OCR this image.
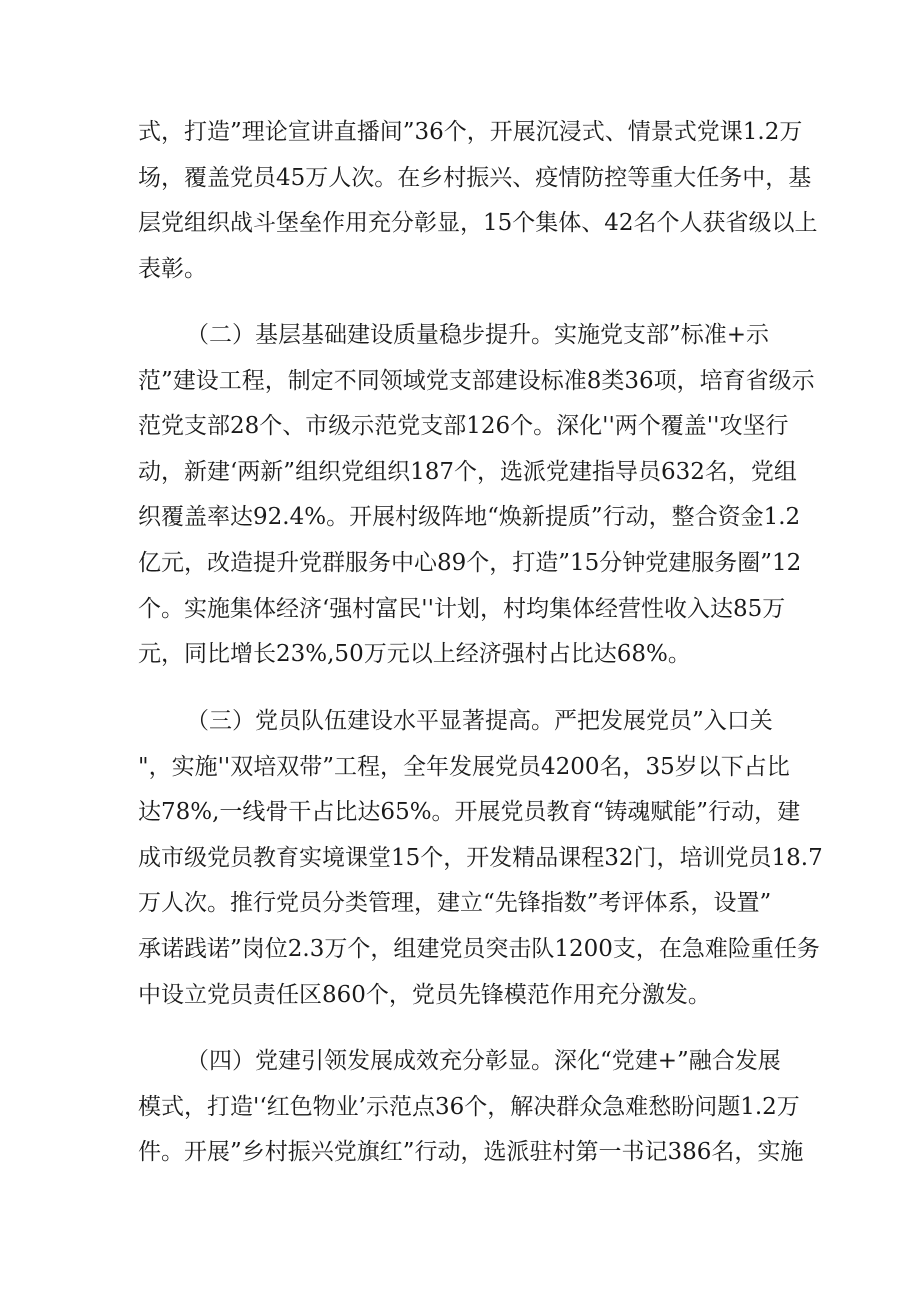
式，打造”理论宣讲直播间”36个，开展沉浸式、情景式党课1.2万
场，覆盖党员45万人次。在乡村振兴、疫情防控等重大任务中，基
层党组织战斗堡垒作用充分彰显，15个集体、42名个人获省级以上
表彰。
（二）基层基础建设质量稳步提升。实施党支部”标准+示
范”建设工程，制定不同领域党支部建设标准8类36项，培育省级示
范党支部28个、市级示范党支部126个。深化''两个覆盖''攻坚行
动，新建‘两新”组织党组织187个，选派党建指导员632名，党组
织覆盖率达92.4%。开展村级阵地“焕新提质”行动，整合资金1.2
亿元，改造提升党群服务中心89个，打造”15分钟党建服务圈”12
个。实施集体经济‘强村富民''计划，村均集体经营性收入达85万
元，同比增长23%,50万元以上经济强村占比达68%。
（三）党员队伍建设水平显著提高。严把发展党员”入口关
"，实施''双培双带”工程，全年发展党员4200名，35岁以下占比
达78%,一线骨干占比达65%。开展党员教育“铸魂赋能”行动，建
成市级党员教育实境课堂15个，开发精品课程32门，培训党员18.7
万人次。推行党员分类管理，建立“先锋指数”考评体系，设置”
承诺践诺”岗位2.3万个，组建党员突击队1200支，在急难险重任务
中设立党员责任区860个，党员先锋模范作用充分激发。
（四）党建引领发展成效充分彰显。深化“党建+”融合发展
模式，打造'‘红色物业’示范点36个，解决群众急难愁盼问题1.2万
件。开展”乡村振兴党旗红”行动，选派驻村第一书记386名，实施
